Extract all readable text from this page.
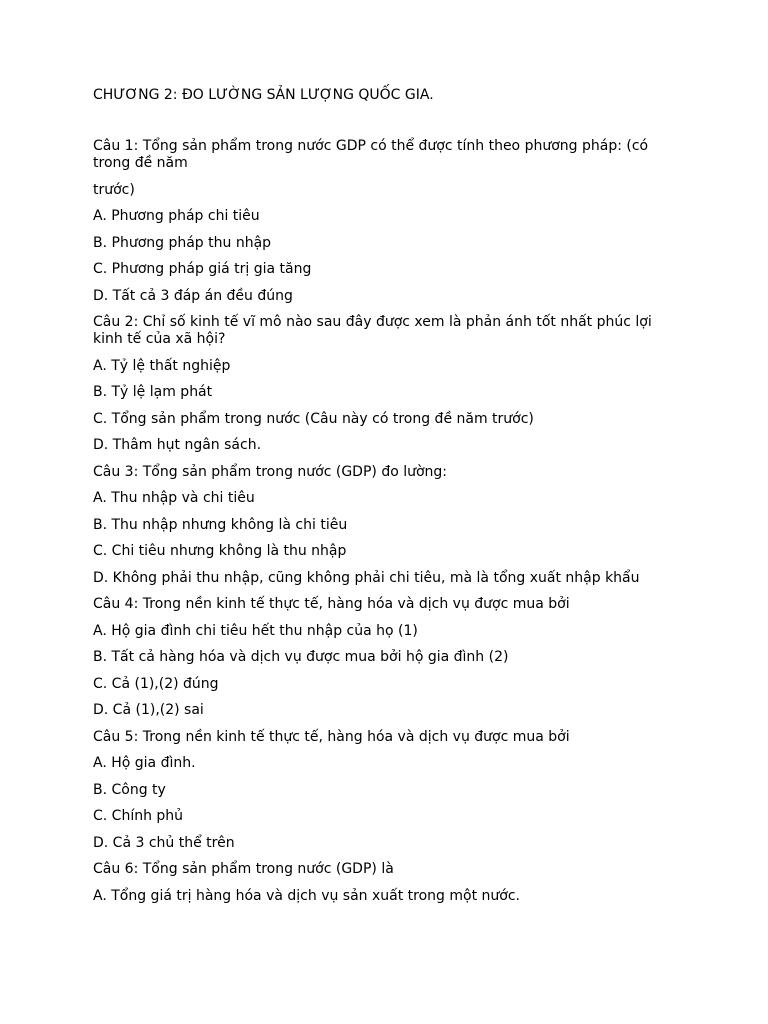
CHƯƠNG 2: ĐO LƯỜNG SẢN LƯỢNG QUỐC GIA.
Câu 1: Tổng sản phẩm trong nước GDP có thể được tính theo phương pháp: (có trong đề năm
trước)
A. Phương pháp chi tiêu
B. Phương pháp thu nhập
C. Phương pháp giá trị gia tăng
D. Tất cả 3 đáp án đều đúng
Câu 2: Chỉ số kinh tế vĩ mô nào sau đây được xem là phản ánh tốt nhất phúc lợi kinh tế của xã hội?
A. Tỷ lệ thất nghiệp
B. Tỷ lệ lạm phát
C. Tổng sản phẩm trong nước (Câu này có trong đề năm trước)
D. Thâm hụt ngân sách.
Câu 3: Tổng sản phẩm trong nước (GDP) đo lường:
A. Thu nhập và chi tiêu
B. Thu nhập nhưng không là chi tiêu
C. Chi tiêu nhưng không là thu nhập
D. Không phải thu nhập, cũng không phải chi tiêu, mà là tổng xuất nhập khẩu
Câu 4: Trong nền kinh tế thực tế, hàng hóa và dịch vụ được mua bởi
A. Hộ gia đình chi tiêu hết thu nhập của họ (1)
B. Tất cả hàng hóa và dịch vụ được mua bởi hộ gia đình (2)
C. Cả (1),(2) đúng
D. Cả (1),(2) sai
Câu 5: Trong nền kinh tế thực tế, hàng hóa và dịch vụ được mua bởi
A. Hộ gia đình.
B. Công ty
C. Chính phủ
D. Cả 3 chủ thể trên
Câu 6: Tổng sản phẩm trong nước (GDP) là
A. Tổng giá trị hàng hóa và dịch vụ sản xuất trong một nước.
